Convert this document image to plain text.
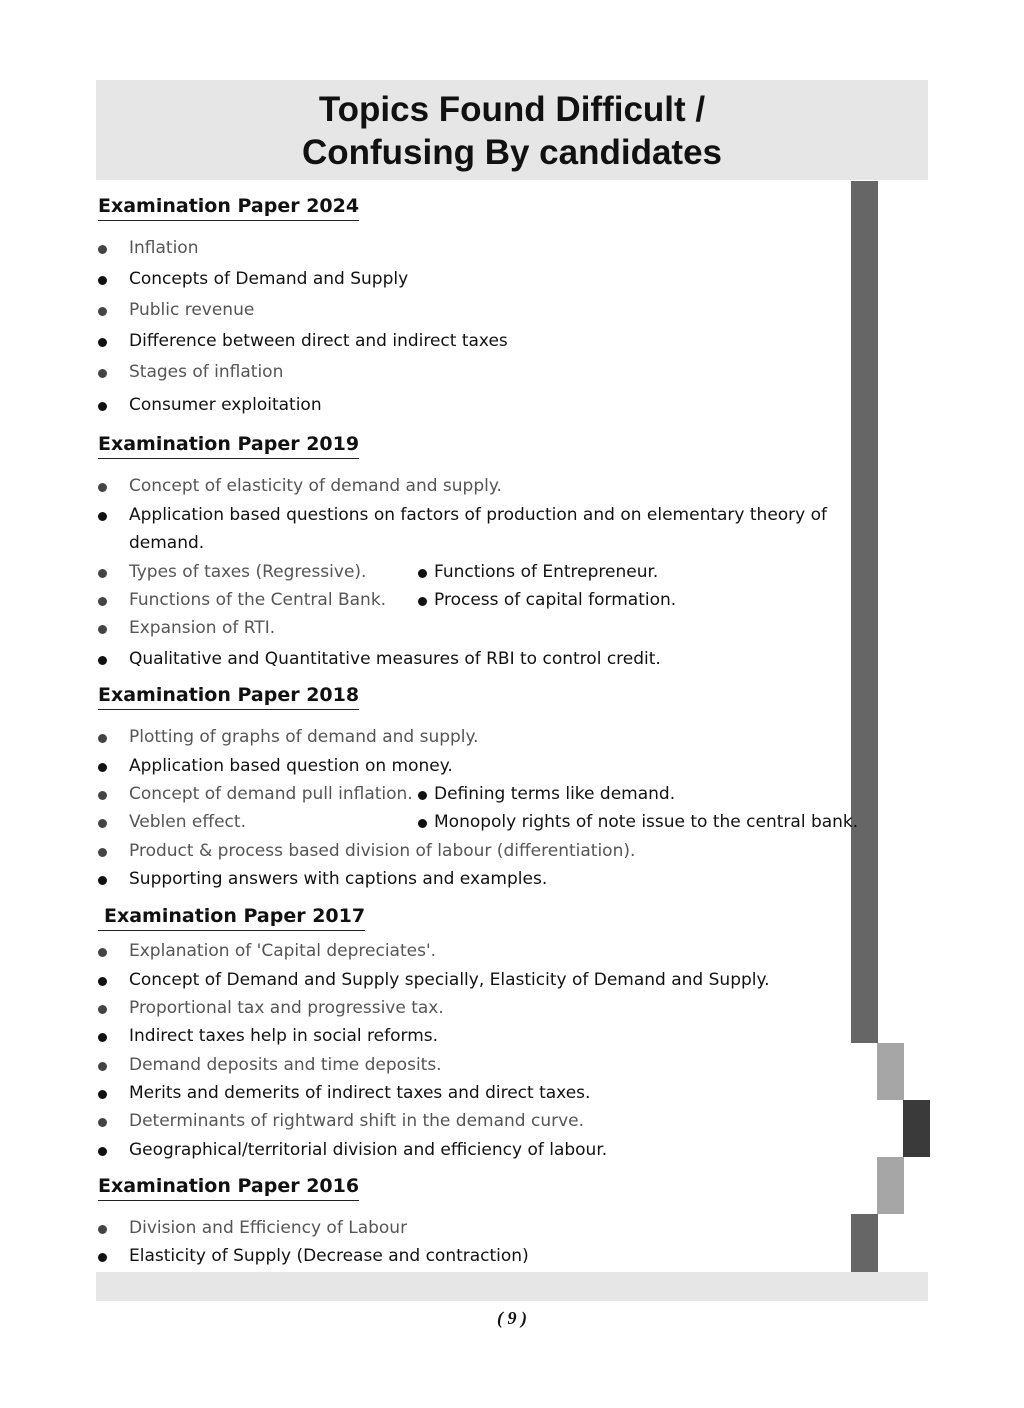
Topics Found Difficult /
Confusing By candidates
Examination Paper 2024
Inflation
Concepts of Demand and Supply
Public revenue
Difference between direct and indirect taxes
Stages of inflation
Consumer exploitation
Examination Paper 2019
Concept of elasticity of demand and supply.
Application based questions on factors of production and on elementary theory of
demand.
Types of taxes (Regressive).	Functions of Entrepreneur.
Functions of the Central Bank.	Process of capital formation.
Expansion of RTI.
Qualitative and Quantitative measures of RBI to control credit.
Examination Paper 2018
Plotting of graphs of demand and supply.
Application based question on money.
Concept of demand pull inflation. Defining terms like demand.
Veblen effect.	Monopoly rights of note issue to the central bank.
Product & process based division of labour (differentiation).
Supporting answers with captions and examples.
Examination Paper 2017
Explanation of 'Capital depreciates'.
Concept of Demand and Supply specially, Elasticity of Demand and Supply.
Proportional tax and progressive tax.
Indirect taxes help in social reforms.
Demand deposits and time deposits.
Merits and demerits of indirect taxes and direct taxes.
Determinants of rightward shift in the demand curve.
Geographical/territorial division and efficiency of labour.
Examination Paper 2016
Division and Efficiency of Labour
Elasticity of Supply (Decrease and contraction)
( 9 )
